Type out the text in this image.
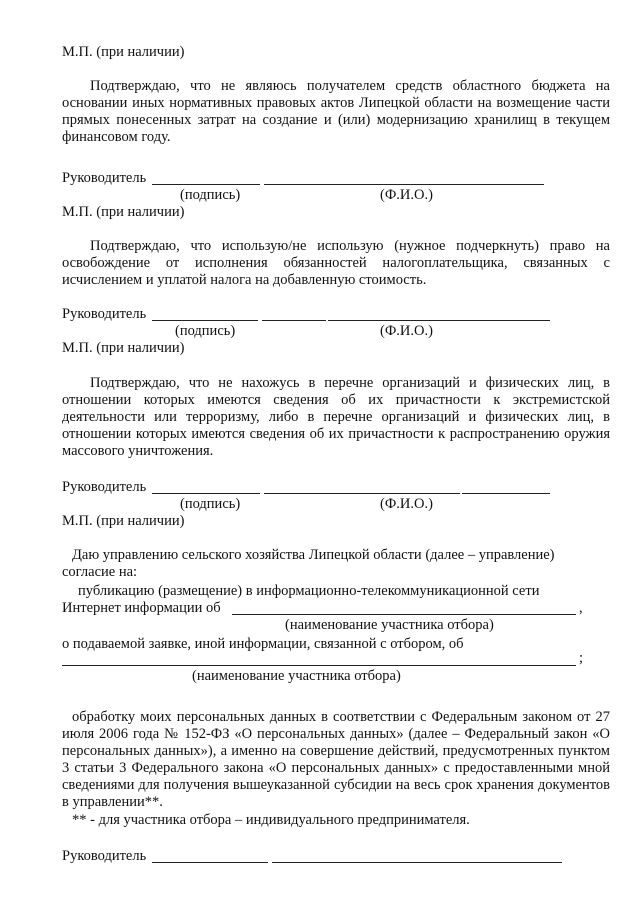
М.П. (при наличии)
Подтверждаю, что не являюсь получателем средств областного бюджета на основании иных нормативных правовых актов Липецкой области на возмещение части прямых понесенных затрат на создание и (или) модернизацию хранилищ в текущем финансовом году.
Руководитель
(подпись)	(Ф.И.О.)
М.П. (при наличии)
Подтверждаю, что использую/не использую (нужное подчеркнуть) право на освобождение от исполнения обязанностей налогоплательщика, связанных с исчислением и уплатой налога на добавленную стоимость.
Руководитель
(подпись)	(Ф.И.О.)
М.П. (при наличии)
Подтверждаю, что не нахожусь в перечне организаций и физических лиц, в отношении которых имеются сведения об их причастности к экстремистской деятельности или терроризму, либо в перечне организаций и физических лиц, в отношении которых имеются сведения об их причастности к распространению оружия массового уничтожения.
Руководитель
(подпись)	(Ф.И.О.)
М.П. (при наличии)
Даю управлению сельского хозяйства Липецкой области (далее – управление)
согласие на:
публикацию (размещение) в информационно-телекоммуникационной сети
Интернет информации об	,
(наименование участника отбора)
о подаваемой заявке, иной информации, связанной с отбором, об
;
(наименование участника отбора)
обработку моих персональных данных в соответствии с Федеральным законом от 27 июля 2006 года № 152-ФЗ «О персональных данных» (далее – Федеральный закон «О персональных данных»), а именно на совершение действий, предусмотренных пунктом 3 статьи 3 Федерального закона «О персональных данных» с предоставленными мной сведениями для получения вышеуказанной субсидии на весь срок хранения документов в управлении**.
** - для участника отбора – индивидуального предпринимателя.
Руководитель
